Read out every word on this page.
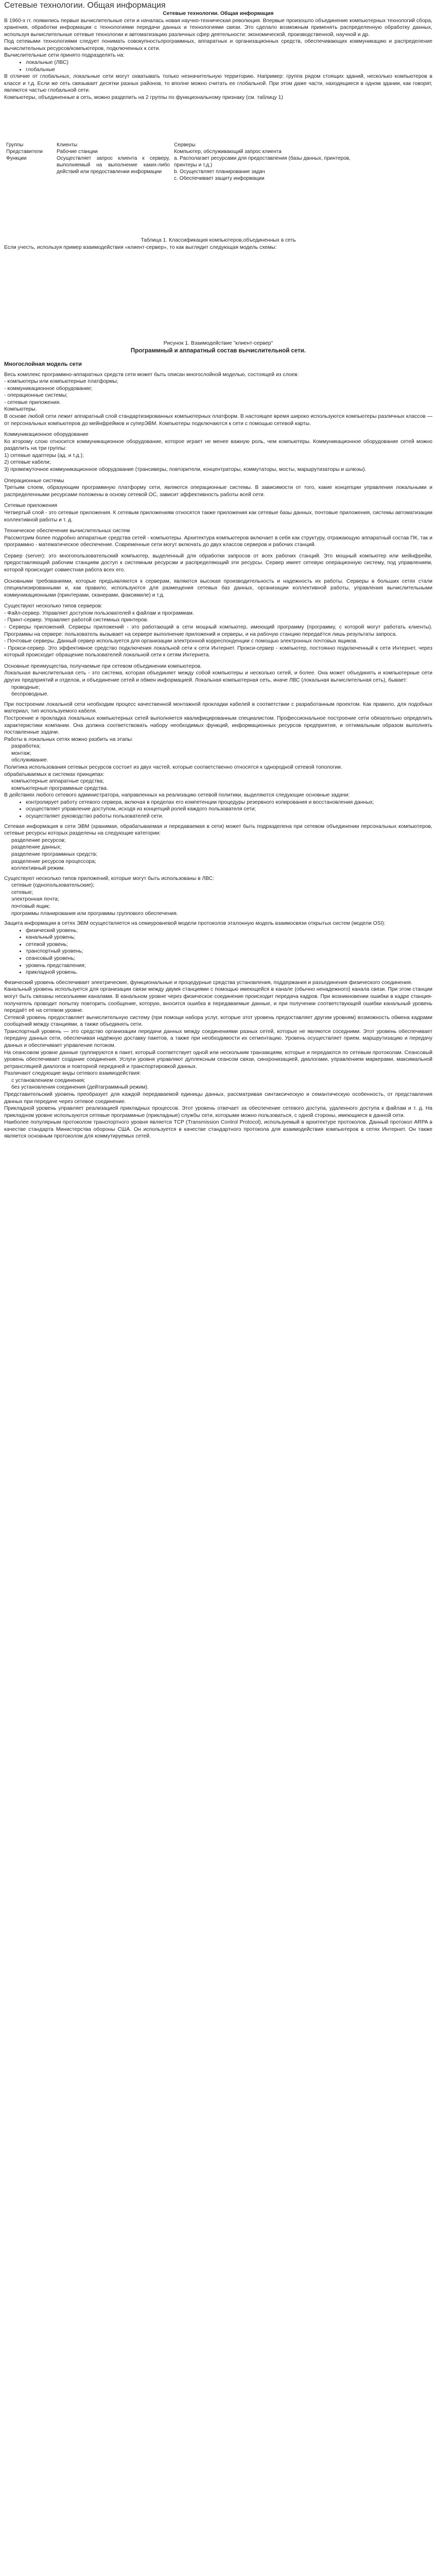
Сетевые технологии. Общая информация

Сетевые технологии. Общая информация

В 1960-х гг. появились первые вычислительные сети и началась новая научно-техническая революция. Впервые произошло объединение компьютерных технологий сбора, хранения, обработки информации с технологиями передачи данных и технологиями связи. Это сделало возможным применять распределенную обработку данных, используя вычислительные сетевые технологии и автоматизацию различных сфер деятельности: экономической, производственной, научной и др.

Под сетевыми технологиями следует понимать совокупностьпрограммных, аппаратных и организационных средств, обеспечивающих коммуникацию и распределение вычислительных ресурсов/компьютеров, подключенных к сети.

Вычислительные сети принято подразделять на:

• локальные (ЛВС)
• глобальные

В отличие от глобальных, локальные сети могут охватывать только незначительную территорию. Например: группа рядом стоящих зданий, несколько компьютеров в классе и т.д. Если же сеть связывает десятки разных районов, то вполне можно считать ее глобальной. При этом даже части, находящиеся в одном здании, как говорят, являются частью глобальной сети.

Компьютеры, объединенные в сеть, можно разделить на 2 группы по функциональному признаку (см. таблицу 1)

Группы	Клиенты	Серверы
Представители	Рабочие станции	Компьютер, обслуживающий запрос клиента
Функции	Осуществляет запрос клиента к серверу, выполняемый на выполнение каких-либо действий или предоставлении информации	а. Располагает ресурсами для предоставления (базы данных, принтеров, принтеры и т.д.)
b. Осуществляет планирование задач
c. Обеспечивает защиту информации

Таблица 1. Классификация компьютеров,объединенных в сеть

Если учесть, используя пример взаимодействия «клиент-сервер», то как выглядит следующая модель схемы:

Рисунок 1. Взаимодействие "клиент-сервер"

Программный и аппаратный состав вычислительной сети.

Многослойная модель сети

Весь комплекс программно-аппаратных средств сети может быть описан многослойной моделью, состоящей из слоев:

- компьютеры или компьютерные платформы;
- коммуникационное оборудование;
- операционные системы;
- сетевые приложения.

Компьютеры.

В основе любой сети лежит аппаратный слой стандартизированных компьютерных платформ. В настоящее время широко используются компьютеры различных классов — от персональных компьютеров до мейнфреймов и суперЭВМ. Компьютеры подключаются к сети с помощью сетевой карты.

Коммуникационное оборудование

Ко второму слою относится коммуникационное оборудование, которое играет не менее важную роль, чем компьютеры. Коммуникационное оборудование сетей можно разделить на три группы:

1) сетевые адаптеры (ад. и т.д.);
2) сетевые кабели;
3) промежуточное коммуникационное оборудование (трансиверы, повторители, концентраторы, коммутаторы, мосты, маршрутизаторы и шлюзы).

Операционные системы

Третьим слоем, образующим программную платформу сети, являются операционные системы. В зависимости от того, какие концепции управления локальными и распределенными ресурсами положены в основу сетевой ОС, зависит эффективность работы всей сети.

Сетевые приложения

Четвертый слой - это сетевые приложения. К сетевым приложениям относятся также приложения как сетевые базы данных, почтовые приложения, системы автоматизации коллективной работы и т. д.

Техническое обеспечение вычислительных систем

Рассмотрим более подробно аппаратные средства сетей - компьютеры. Архитектура компьютеров включает в себя как структуру, отражающую аппаратный состав ПК, так и программно - математическое обеспечение. Современные сети могут включать до двух классов серверов и рабочих станций.

Сервер (server): это многопользовательский компьютер, выделенный для обработки запросов от всех рабочих станций. Это мощный компьютер или мейнфрейм, предоставляющий рабочим станциям доступ к системным ресурсам и распределяющий эти ресурсы. Сервер имеет сетевую операционную систему, под управлением, которой происходит совместная работа всех его.

Основными требованиями, которые предъявляются к серверам, являются высокая производительность и надежность их работы. Серверы в больших сетях стали специализированными и, как правило, используются для размещения сетевых баз данных, организации коллективной работы, управления вычислительными коммуникационными (принтерами, сканерами, факсимиле) и т.д.

Существуют несколько типов серверов:

- Файл-сервер. Управляет доступом пользователей к файлам и программам.
- Принт-сервер. Управляет работой системных принтеров.
- Серверы приложений. Серверы приложений - это работающий в сети мощный компьютер, имеющий программу (программу, с которой могут работать клиенты). Программы на сервере: пользователь вызывает на сервере выполнение приложений и серверы, и на рабочую станцию передаётся лишь результаты запроса.
- Почтовые серверы. Данный сервер используется для организации электронной корреспонденции с помощью электронных почтовых ящиков.
- Прокси-сервер. Это эффективное средство подключения локальной сети к сети Интернет. Прокси-сервер - компьютер, постоянно подключенный к сети Интернет, через который происходит обращение пользователей локальной сети к сетям Интернета.

Основные преимущества, получаемые при сетевом объединении компьютеров.

Локальная вычислительная сеть - это система, которая объединяет между собой компьютеры и несколько сетей, и более. Она может объединять и компьютерные сети других предприятий и отделов, и объединение сетей и обмен информацией. Локальная компьютерная сеть, иначе ЛВС (локальная вычислительная сеть), бывает:

проводные;
беспроводные.

При построении локальной сети необходим процесс качественной монтажной прокладки кабелей в соответствии с разработанным проектом. Как правило, для подобных материал, тип используемого кабеля.

Построение и прокладка локальных компьютерных сетей выполняется квалифицированным специалистом. Профессиональное построение сети обязательно определить характеристики компании. Она должна соответствовать набору необходимых функций, информационных ресурсов предприятия, и оптимальным образом выполнять поставленные задачи.

Работы в локальных сетях можно разбить на этапы:

разработка;
монтаж;
обслуживание.

Политика использования сетевых ресурсов состоит из двух частей, которые соответственно относятся к однородной сетевой топологии.

обрабатываемых в системах принципах:

компьютерные аппаратные средства;
компьютерные программные средства.

В действиях любого сетевого администратора, направленных на реализацию сетевой политики, выделяются следующие основные задачи:

• контролирует работу сетевого сервера, включая в пределах его компетенции процедуры резервного копирования и восстановления данных;
• осуществляет управление доступом, исходя из концепций ролей каждого пользователя сети;
• осуществляет руководство работы пользователей сети.

Сетевая информация в сети ЭВМ (хранимая, обрабатываемая и передаваемая в сети) может быть подразделена при сетевом объединении персональных компьютеров, сетевые ресурсы которых разделены на следующие категории:

разделение ресурсов;
разделение данных;
разделение программных средств;
разделение ресурсов процессора;
коллективный режим.

Существуют несколько типов приложений, которые могут быть использованы в ЛВС:

сетевые (однопользовательские);
сетевые;
электронная почта;
почтовый ящик;
программы планирования или программы группового обеспечения.

Защита информации в сетях ЭВМ осуществляется на семиуровневой модели протоколов эталонную модель взаимосвязи открытых систем (модели OSI):

• физический уровень;
• канальный уровень;
• сетевой уровень;
• транспортный уровень;
• сеансовый уровень;
• уровень представления;
• прикладной уровень.

Физический уровень обеспечивает электрические, функциональные и процедурные средства установления, поддержания и разъединения физического соединения.

Канальный уровень используется для организации связи между двумя станциями с помощью имеющейся в канале (обычно ненадежного) канала связи. При этом станции могут быть связаны несколькими каналами. В канальном уровне через физическое соединение происходит передача кадров. При возникновении ошибки в кадре станция-получатель проводит попытку повторить сообщение, которую, вносится ошибка в передаваемые данные, и при получении соответствующей ошибки канальный уровень передаёт её на сетевом уровне.

Сетевой уровень предоставляет вычислительную систему (при помощи набора услуг, которые этот уровень предоставляет другим уровням) возможность обмена кадрами сообщений между станциями, а также объединять сети.

Транспортный уровень — это средство организации передачи данных между соединениями разных сетей, которые не являются соседними. Этот уровень обеспечивает передачу данных сети, обеспечивая надёжную доставку пакетов, а также при необходимости их сегментацию. Уровень осуществляет прием, маршрутизацию и передачу данных и обеспечивает управление потоком.

На сеансовом уровне данные группируются в пакет, который соответствует одной или нескольким транзакциям, которые и передаются по сетевым протоколам. Сеансовый уровень обеспечивает создание соединения. Услуги уровня управляют дуплексным сеансом связи, синхронизацией, диалогами, управлением маркерами, максимальной ретрансляцией диалогов и повторной передачей и транспортировкой данных.

Различают следующие виды сетевого взаимодействия:

с установлением соединения;
без установления соединения (дейтаграммный режим).

Представительский уровень преобразует для каждой передаваемой единицы данных, рассматривая синтаксическую и семантическую особенность, от представления данных при передаче через сетевое соединение.

Прикладной уровень управляет реализацией прикладных процессов. Этот уровень отвечает за обеспечение сетевого доступа, удаленного доступа к файлам и т. д. На прикладном уровне используются сетевые программные (прикладные) службы сети, которыми можно пользоваться, с одной стороны, имеющиеся в данной сети.

Наиболее популярным протоколом транспортного уровня является TCP (Transmission Control Protocol), используемый в архитектуре протоколов. Данный протокол ARPA в качестве стандарта Министерства обороны США. Он используется в качестве стандартного протокола для взаимодействия компьютеров в сетях Интернет. Он также является основным протоколом для коммутируемых сетей.
